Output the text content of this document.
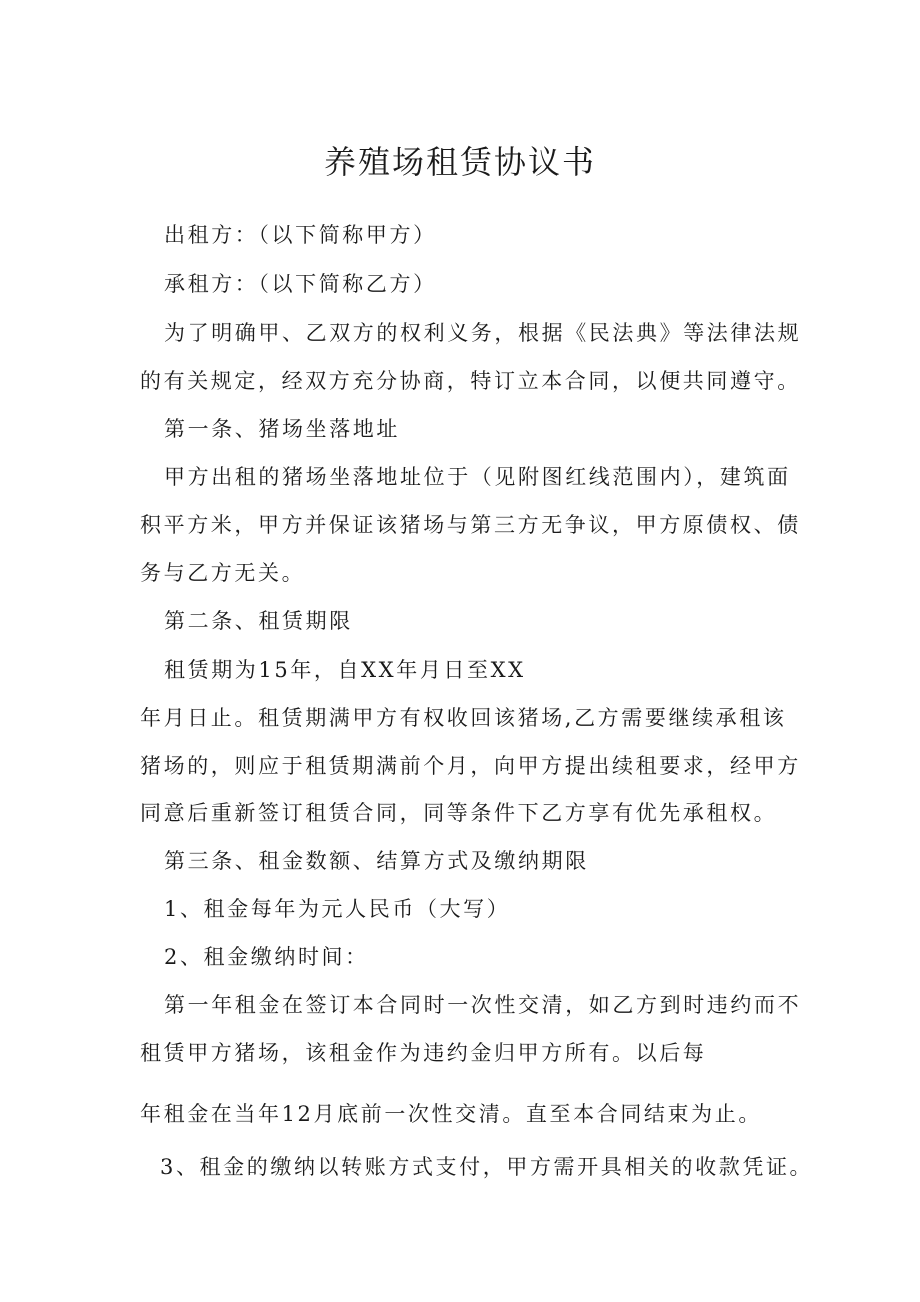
养殖场租赁协议书
出租方：（以下简称甲方）
承租方：（以下简称乙方）
为了明确甲、乙双方的权利义务，根据《民法典》等法律法规
的有关规定，经双方充分协商，特订立本合同，以便共同遵守。
第一条、猪场坐落地址
甲方出租的猪场坐落地址位于（见附图红线范围内），建筑面
积平方米，甲方并保证该猪场与第三方无争议，甲方原债权、债
务与乙方无关。
第二条、租赁期限
租赁期为15年，自XX年月日至XX
年月日止。租赁期满甲方有权收回该猪场,乙方需要继续承租该
猪场的，则应于租赁期满前个月，向甲方提出续租要求，经甲方
同意后重新签订租赁合同，同等条件下乙方享有优先承租权。
第三条、租金数额、结算方式及缴纳期限
1、租金每年为元人民币（大写）
2、租金缴纳时间：
第一年租金在签订本合同时一次性交清，如乙方到时违约而不
租赁甲方猪场，该租金作为违约金归甲方所有。以后每
年租金在当年12月底前一次性交清。直至本合同结束为止。
3、租金的缴纳以转账方式支付，甲方需开具相关的收款凭证。
